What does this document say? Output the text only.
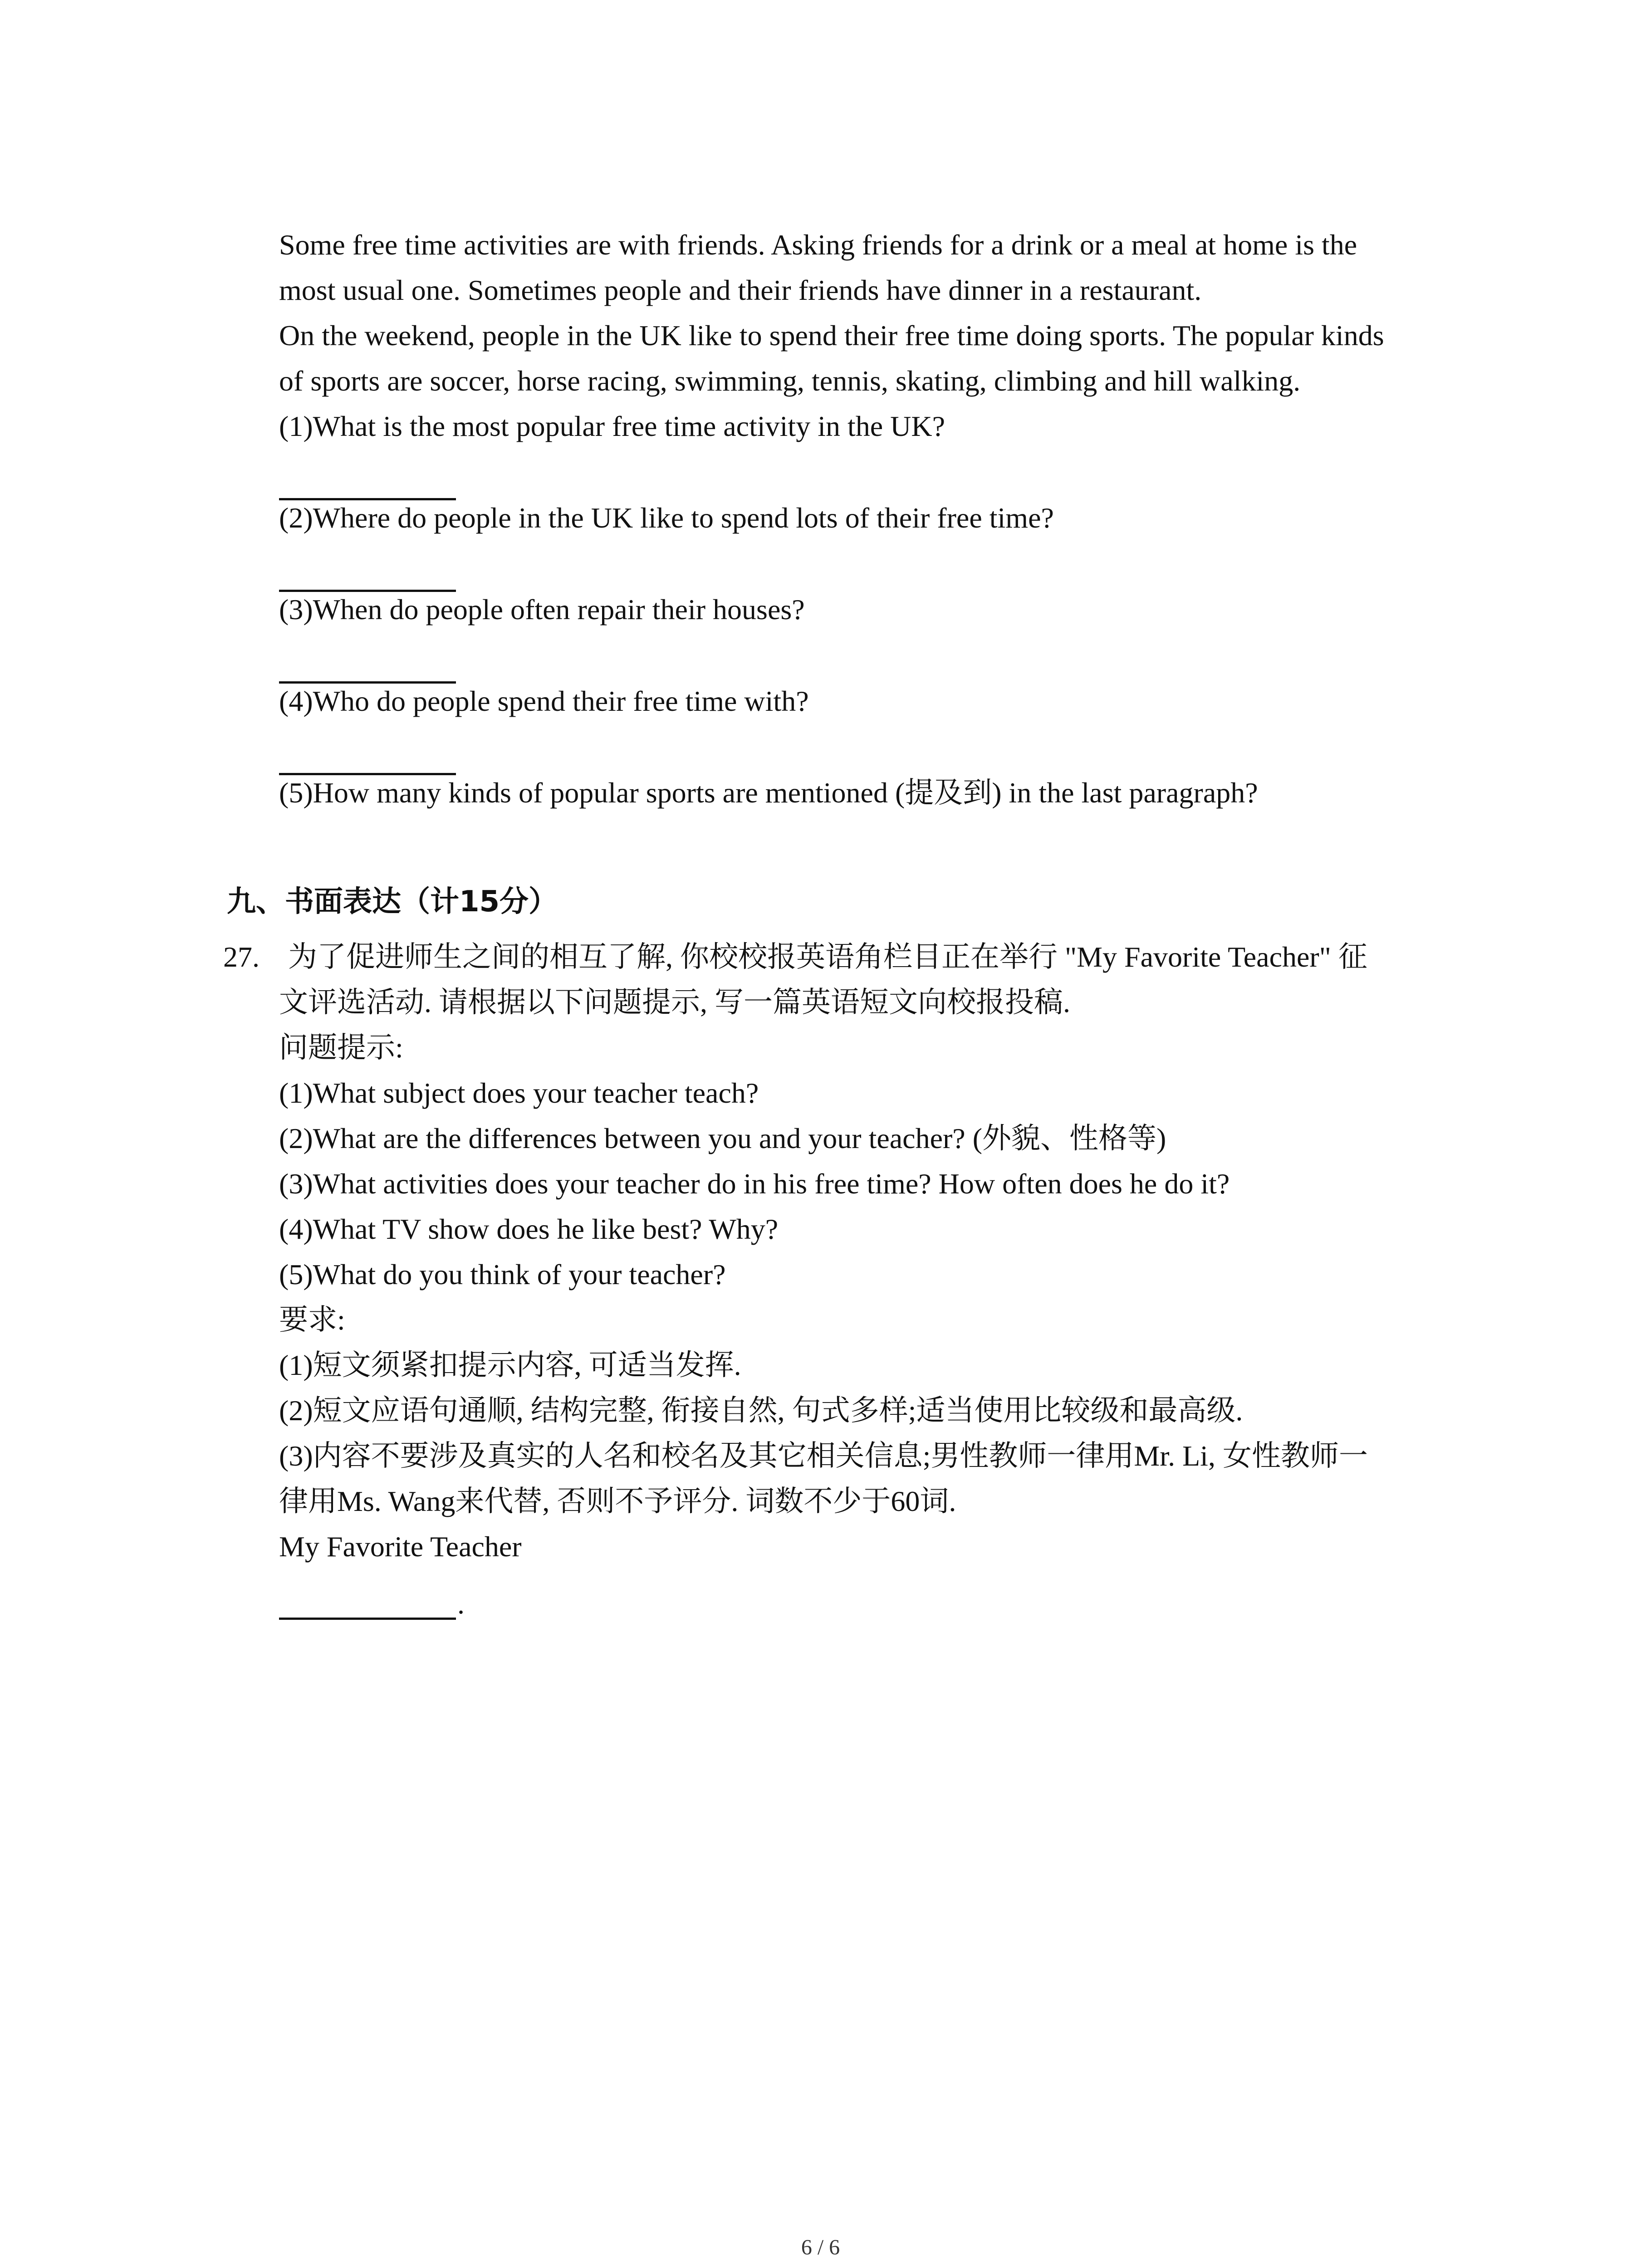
Some free time activities are with friends. Asking friends for a drink or a meal at home is the
most usual one. Sometimes people and their friends have dinner in a restaurant.
On the weekend, people in the UK like to spend their free time doing sports. The popular kinds
of sports are soccer, horse racing, swimming, tennis, skating, climbing and hill walking.
(1)What is the most popular free time activity in the UK?
(2)Where do people in the UK like to spend lots of their free time?
(3)When do people often repair their houses?
(4)Who do people spend their free time with?
(5)How many kinds of popular sports are mentioned (提及到) in the last paragraph?
九、书面表达（计15分）
27. 为了促进师生之间的相互了解, 你校校报英语角栏目正在举行 "My Favorite Teacher" 征
文评选活动. 请根据以下问题提示, 写一篇英语短文向校报投稿.
问题提示:
(1)What subject does your teacher teach?
(2)What are the differences between you and your teacher? (外貌、性格等)
(3)What activities does your teacher do in his free time? How often does he do it?
(4)What TV show does he like best? Why?
(5)What do you think of your teacher?
要求:
(1)短文须紧扣提示内容, 可适当发挥.
(2)短文应语句通顺, 结构完整, 衔接自然, 句式多样;适当使用比较级和最高级.
(3)内容不要涉及真实的人名和校名及其它相关信息;男性教师一律用Mr. Li, 女性教师一
律用Ms. Wang来代替, 否则不予评分. 词数不少于60词.
My Favorite Teacher
.
6 / 6
